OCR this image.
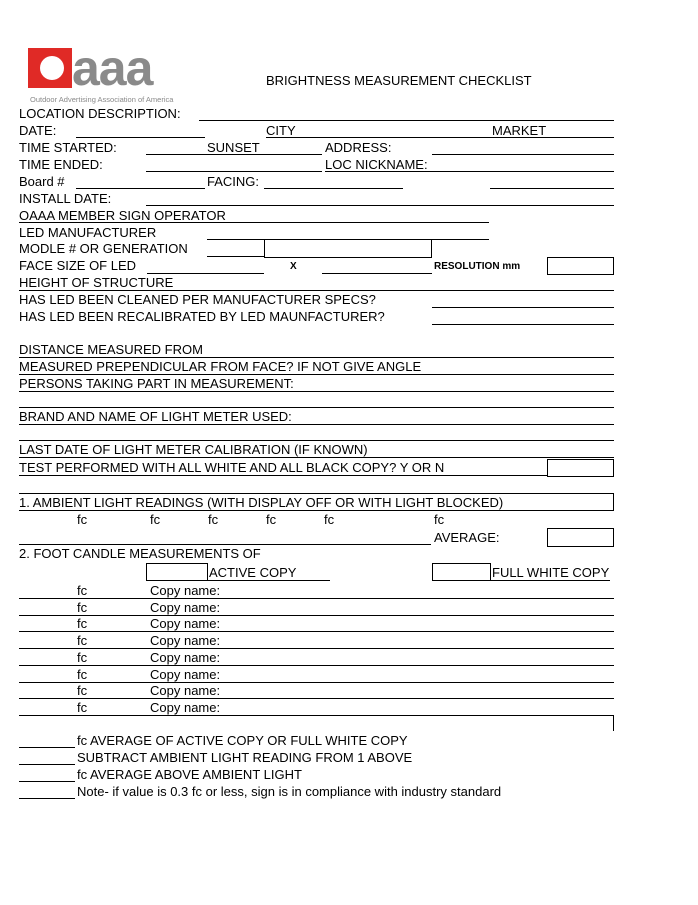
aaa
Outdoor Advertising Association of America
BRIGHTNESS MEASUREMENT CHECKLIST
LOCATION DESCRIPTION:
DATE:	CITY	MARKET
TIME STARTED:	SUNSET	ADDRESS:
TIME ENDED:	LOC NICKNAME:
Board #	FACING:
INSTALL DATE:
OAAA MEMBER SIGN OPERATOR
LED MANUFACTURER
MODLE # OR GENERATION
FACE SIZE OF LED	X	RESOLUTION mm
HEIGHT OF STRUCTURE
HAS LED BEEN CLEANED PER MANUFACTURER SPECS?
HAS LED BEEN RECALIBRATED BY LED MAUNFACTURER?
DISTANCE MEASURED FROM
MEASURED PREPENDICULAR FROM FACE? IF NOT GIVE ANGLE
PERSONS TAKING PART IN MEASUREMENT:
BRAND AND NAME OF LIGHT METER USED:
LAST DATE OF LIGHT METER CALIBRATION (IF KNOWN)
TEST PERFORMED WITH ALL WHITE AND ALL BLACK COPY? Y OR N
1. AMBIENT LIGHT READINGS (WITH DISPLAY OFF OR WITH LIGHT BLOCKED)
fc	fc	fc	fc	fc	fc
AVERAGE:
2. FOOT CANDLE MEASUREMENTS OF
ACTIVE COPY	FULL WHITE COPY
fc	Copy name:
fc	Copy name:
fc	Copy name:
fc	Copy name:
fc	Copy name:
fc	Copy name:
fc	Copy name:
fc	Copy name:
fc AVERAGE OF ACTIVE COPY OR FULL WHITE COPY
SUBTRACT AMBIENT LIGHT READING FROM 1 ABOVE
fc AVERAGE ABOVE AMBIENT LIGHT
Note- if value is 0.3 fc or less, sign is in compliance with industry standard
